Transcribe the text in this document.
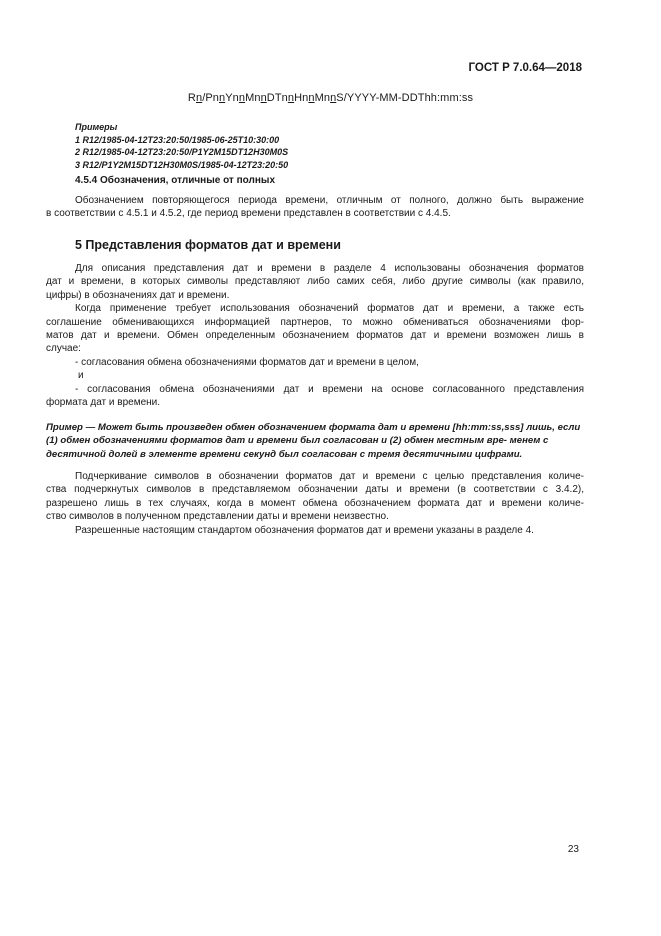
ГОСТ Р 7.0.64—2018
Rn/PnnYnnMnnDTnnHnnMnnS/YYYY-MM-DDThh:mm:ss
Примеры
1 R12/1985-04-12T23:20:50/1985-06-25T10:30:00
2 R12/1985-04-12T23:20:50/P1Y2M15DT12H30M0S
3 R12/P1Y2M15DT12H30M0S/1985-04-12T23:20:50
4.5.4 Обозначения, отличные от полных
Обозначением повторяющегося периода времени, отличным от полного, должно быть выражение
в соответствии с 4.5.1 и 4.5.2, где период времени представлен в соответствии с 4.4.5.
5 Представления форматов дат и времени
Для описания представления дат и времени в разделе 4 использованы обозначения форматов
дат и времени, в которых символы представляют либо самих себя, либо другие символы (как правило,
цифры) в обозначениях дат и времени.
Когда применение требует использования обозначений форматов дат и времени, а также есть
соглашение обменивающихся информацией партнеров, то можно обмениваться обозначениями фор-
матов дат и времени. Обмен определенным обозначением форматов дат и времени возможен лишь в
случае:
- согласования обмена обозначениями форматов дат и времени в целом,
и
- согласования обмена обозначениями дат и времени на основе согласованного представления
формата дат и времени.
Пример — Может быть произведен обмен обозначением формата дат и времени [hh:mm:ss,sss] лишь, если (1) обмен обозначениями форматов дат и времени был согласован и (2) обмен местным вре- менем с десятичной долей в элементе времени секунд был согласован с тремя десятичными цифрами.
Подчеркивание символов в обозначении форматов дат и времени с целью представления количе-
ства подчеркнутых символов в представляемом обозначении даты и времени (в соответствии с 3.4.2),
разрешено лишь в тех случаях, когда в момент обмена обозначением формата дат и времени количе-
ство символов в полученном представлении даты и времени неизвестно.
Разрешенные настоящим стандартом обозначения форматов дат и времени указаны в разделе 4.
23
